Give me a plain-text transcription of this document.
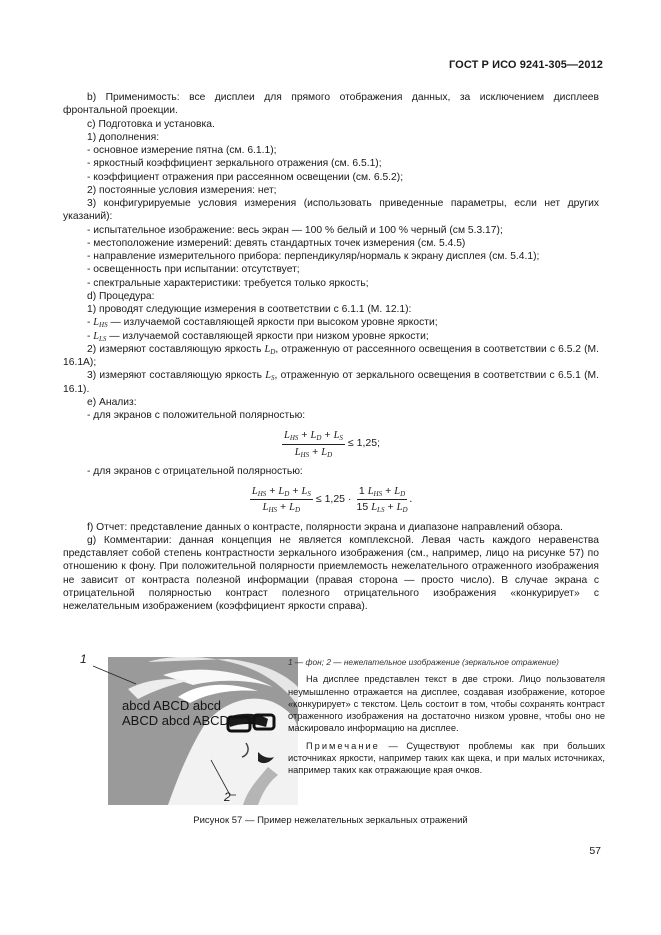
ГОСТ Р ИСО 9241-305—2012

b) Применимость: все дисплеи для прямого отображения данных, за исключением дисплеев фронтальной проекции.

c) Подготовка и установка.

1) дополнения:

- основное измерение пятна (см. 6.1.1);

- яркостный коэффициент зеркального отражения (см. 6.5.1);

- коэффициент отражения при рассеянном освещении (см. 6.5.2);

2) постоянные условия измерения: нет;

3) конфигурируемые условия измерения (использовать приведенные параметры, если нет других указаний):

- испытательное изображение: весь экран — 100 % белый и 100 % черный (см 5.3.17);

- местоположение измерений: девять стандартных точек измерения (см. 5.4.5)

- направление измерительного прибора: перпендикуляр/нормаль к экрану дисплея (см. 5.4.1);

- освещенность при испытании: отсутствует;

- спектральные характеристики: требуется только яркость;

d) Процедура:

1) проводят следующие измерения в соответствии с 6.1.1 (М. 12.1):

- $L_{HS}$ — излучаемой составляющей яркости при высоком уровне яркости;

- $L_{LS}$ — излучаемой составляющей яркости при низком уровне яркости;

2) измеряют составляющую яркость $L_D$, отраженную от рассеянного освещения в соответствии с 6.5.2 (М. 16.1А);

3) измеряют составляющую яркость $L_S$, отраженную от зеркального освещения в соответствии с 6.5.1 (М. 16.1).

e) Анализ:

- для экранов с положительной полярностью:

$\frac{L_{HS} + L_D + L_S}{L_{HS} + L_D} \le 1,25$;

- для экранов с отрицательной полярностью:

$\frac{L_{HS} + L_D + L_S}{L_{HS} + L_D} \le 1,25 \cdot \frac{1 L_{HS} + L_D}{15 L_{LS} + L_D}$ .

f) Отчет: представление данных о контрасте, полярности экрана и диапазоне направлений обзора.

g) Комментарии: данная концепция не является комплексной. Левая часть каждого неравенства представляет собой степень контрастности зеркального изображения (см., например, лицо на рисунке 57) по отношению к фону. При положительной полярности приемлемость нежелательного отраженного изображения не зависит от контраста полезной информации (правая сторона — просто число). В случае экрана с отрицательной полярностью контраст полезного отрицательного изображения «конкурирует» с нежелательным изображением (коэффициент яркости справа).

abcd ABCD abcd
ABCD abcd ABCD
1
2

1 — фон; 2 — нежелательное изображение (зеркальное отражение)

На дисплее представлен текст в две строки. Лицо пользователя неумышленно отражается на дисплее, создавая изображение, которое «конкурирует» с текстом. Цель состоит в том, чтобы сохранять контраст отраженного изображения на достаточно низком уровне, чтобы оно не маскировало информацию на дисплее.

Примечание — Существуют проблемы как при больших источниках яркости, например таких как щека, и при малых источниках, например таких как отражающие края очков.

Рисунок 57 — Пример нежелательных зеркальных отражений
57
